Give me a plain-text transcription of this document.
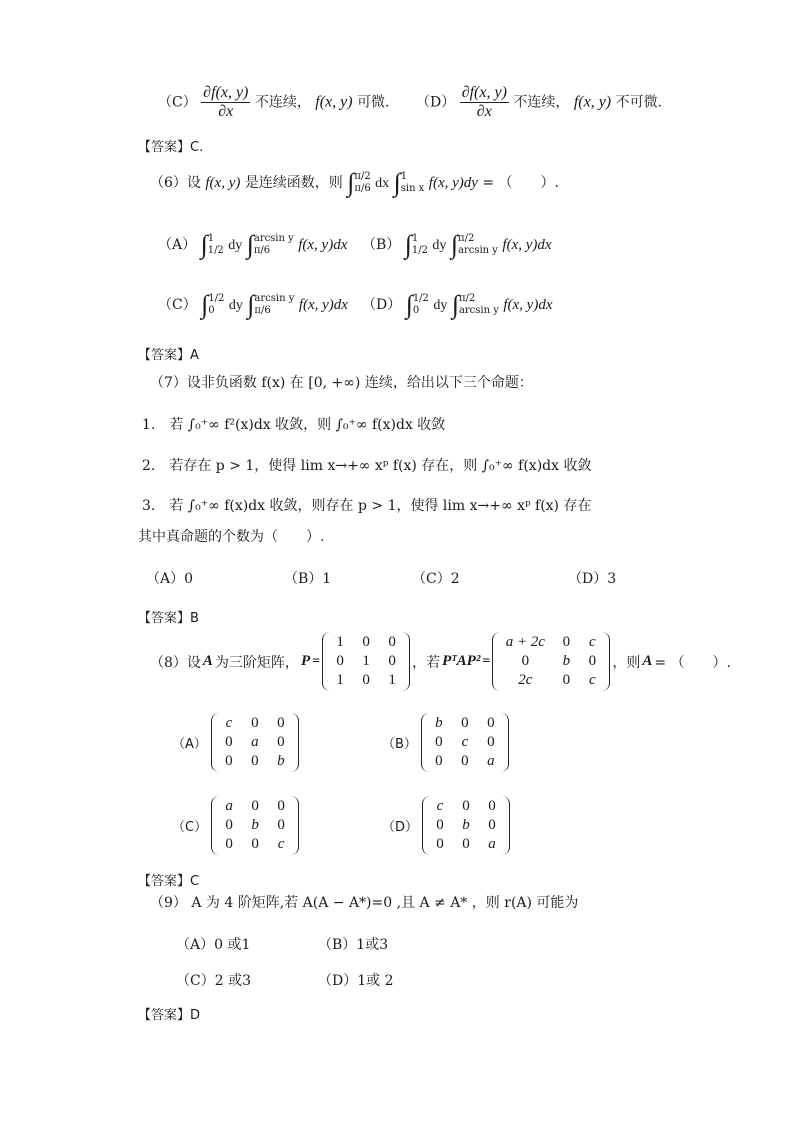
$(C) \frac{\partial f(x, y)}{\partial x}$ 不连续， f(x, y) 可微. $(D) \frac{\partial f(x, y)}{\partial x}$ 不连续， f(x, y) 不可微.
【答案】C.
（6）设 f(x, y) 是连续函数，则 ∫ π/2
π/6 dx ∫ 1
sin x f(x, y)dy = （　　）.
（A） ∫ 1
1/2 dy ∫ arcsin y
π/6	f(x, y)dx （B） ∫ 1
1/2 dy ∫ π/2
arcsin y f(x, y)dx
（C） ∫ 1/2
0	dy ∫ arcsin y
π/6	f(x, y)dx （D） ∫ 1/2
0	dy ∫ π/2
arcsin y f(x, y)dx
【答案】A
（7）设非负函数 f(x) 在 [0, +∞) 连续，给出以下三个命题：
1.　若 ∫₀⁺∞ f²(x)dx 收敛，则 ∫₀⁺∞ f(x)dx 收敛
2.　若存在 p > 1，使得 lim x→+∞ xᵖ f(x) 存在，则 ∫₀⁺∞ f(x)dx 收敛
3.　若 ∫₀⁺∞ f(x)dx 收敛，则存在 p > 1，使得 lim x→+∞ xᵖ f(x) 存在
其中真命题的个数为（　　）.
（A）0	（B）1	（C）2	（D）3
【答案】B
（8）设 A 为三阶矩阵， P =
1	0	0
0	1	0
1	0	1
，若 PᵀAP² =
a + 2c	0	c
0	b	0
2c	0	c
，则 A = （　　）.
（A）
c	0	0
0	a	0
0	0	b
（B）
b	0	0
0	c	0
0	0	a
（C）
a	0	0
0	b	0
0	0	c
（D）
c	0	0
0	b	0
0	0	a
【答案】C
（9） A 为 4 阶矩阵,若 A(A − A*)=0 ,且 A ≠ A* ，则 r(A) 可能为
（A）0 或1	（B）1或3
（C）2 或3	（D）1或 2
【答案】D
